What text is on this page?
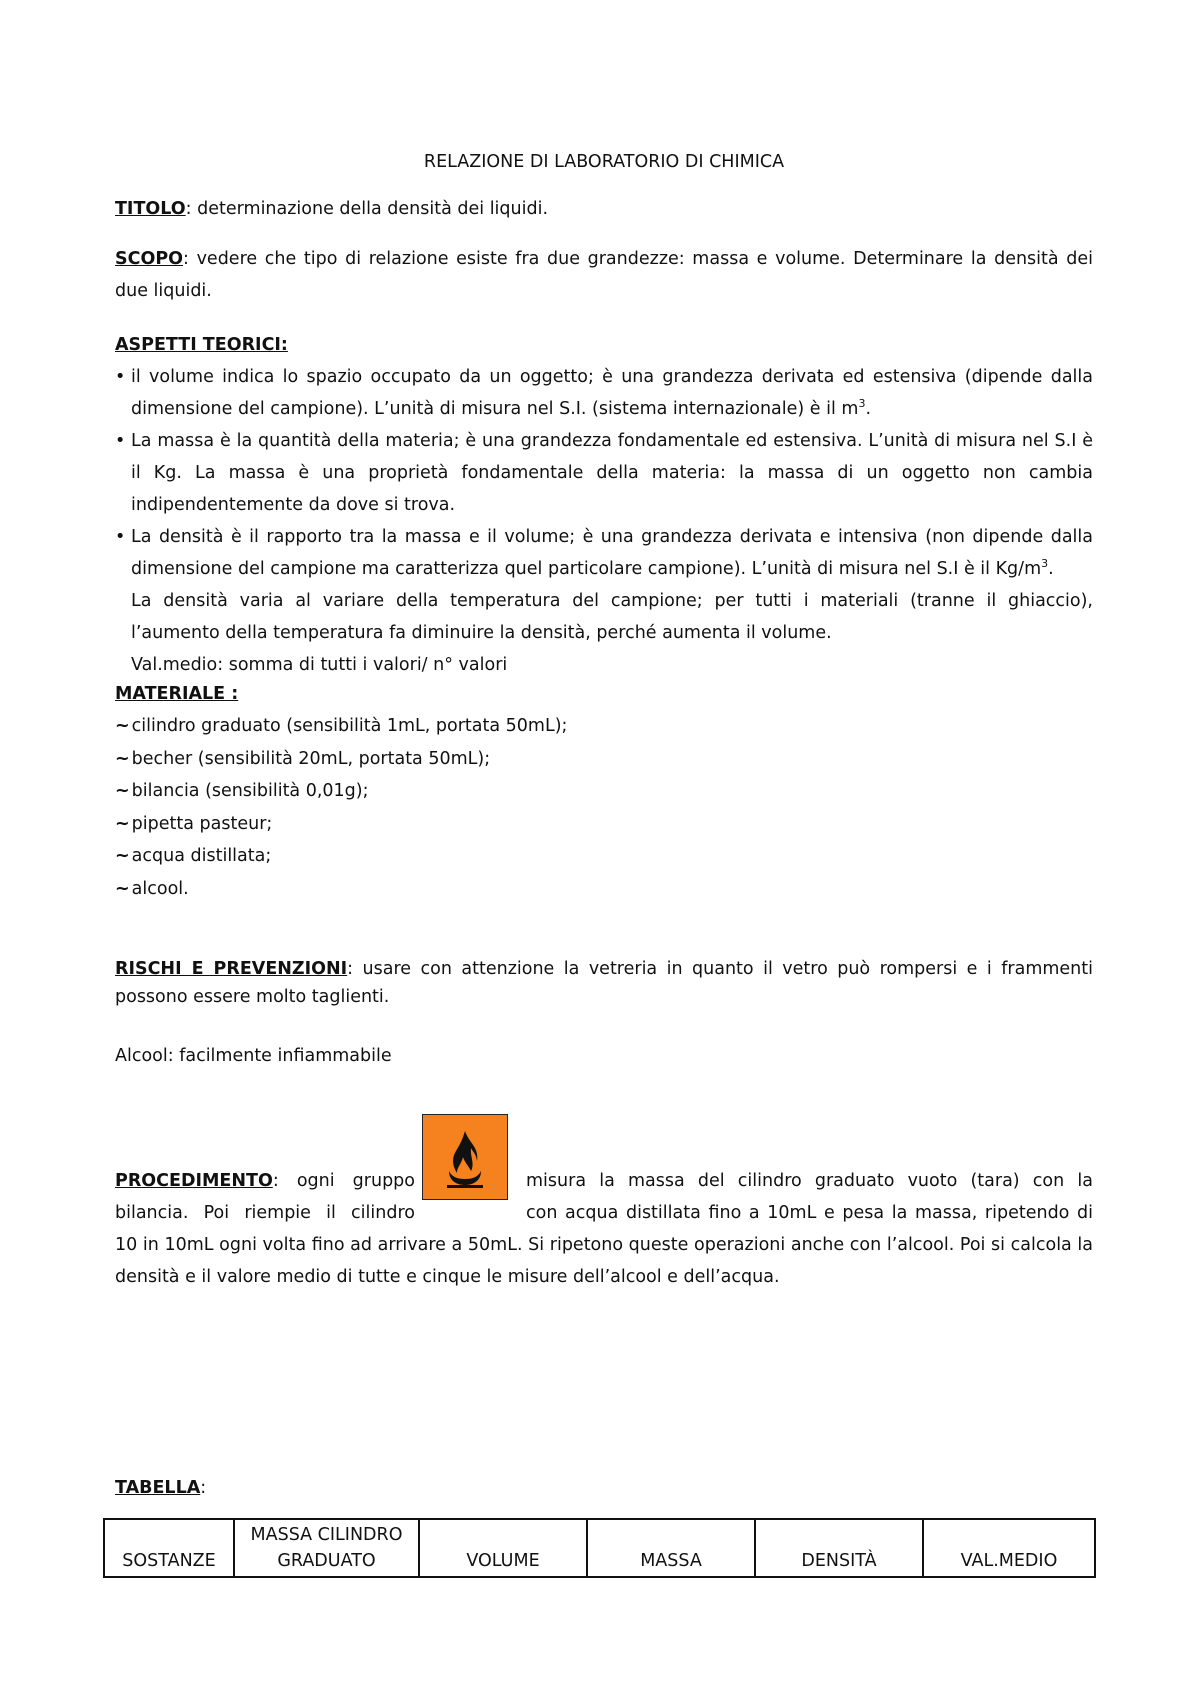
RELAZIONE DI LABORATORIO DI CHIMICA

TITOLO: determinazione della densità dei liquidi.

SCOPO: vedere che tipo di relazione esiste fra due grandezze: massa e volume. Determinare la densità dei due liquidi.

ASPETTI TEORICI:

• il volume indica lo spazio occupato da un oggetto; è una grandezza derivata ed estensiva (dipende dalla dimensione del campione). L’unità di misura nel S.I. (sistema internazionale) è il $m^3$.
• La massa è la quantità della materia; è una grandezza fondamentale ed estensiva. L’unità di misura nel S.I è il Kg. La massa è una proprietà fondamentale della materia: la massa di un oggetto non cambia indipendentemente da dove si trova.
• La densità è il rapporto tra la massa e il volume; è una grandezza derivata e intensiva (non dipende dalla dimensione del campione ma caratterizza quel particolare campione). L’unità di misura nel S.I è il $Kg/m^3$.
La densità varia al variare della temperatura del campione; per tutti i materiali (tranne il ghiaccio), l’aumento della temperatura fa diminuire la densità, perché aumenta il volume.
Val.medio: somma di tutti i valori/ n° valori

MATERIALE :

~ cilindro graduato (sensibilità 1mL, portata 50mL);
~ becher (sensibilità 20mL, portata 50mL);
~ bilancia (sensibilità 0,01g);
~ pipetta pasteur;
~ acqua distillata;
~ alcool.

RISCHI E PREVENZIONI: usare con attenzione la vetreria in quanto il vetro può rompersi e i frammenti possono essere molto taglienti.

Alcool: facilmente infiammabile

PROCEDIMENTO: ogni gruppo

bilancia. Poi riempie il cilindro

misura la massa del cilindro graduato vuoto (tara) con la

con acqua distillata fino a 10mL e pesa la massa, ripetendo di

10 in 10mL ogni volta fino ad arrivare a 50mL. Si ripetono queste operazioni anche con l’alcool. Poi si calcola la densità e il valore medio di tutte e cinque le misure dell’alcool e dell’acqua.

TABELLA:

SOSTANZE	MASSA CILINDRO GRADUATO	VOLUME	MASSA	DENSITÀ	VAL.MEDIO
